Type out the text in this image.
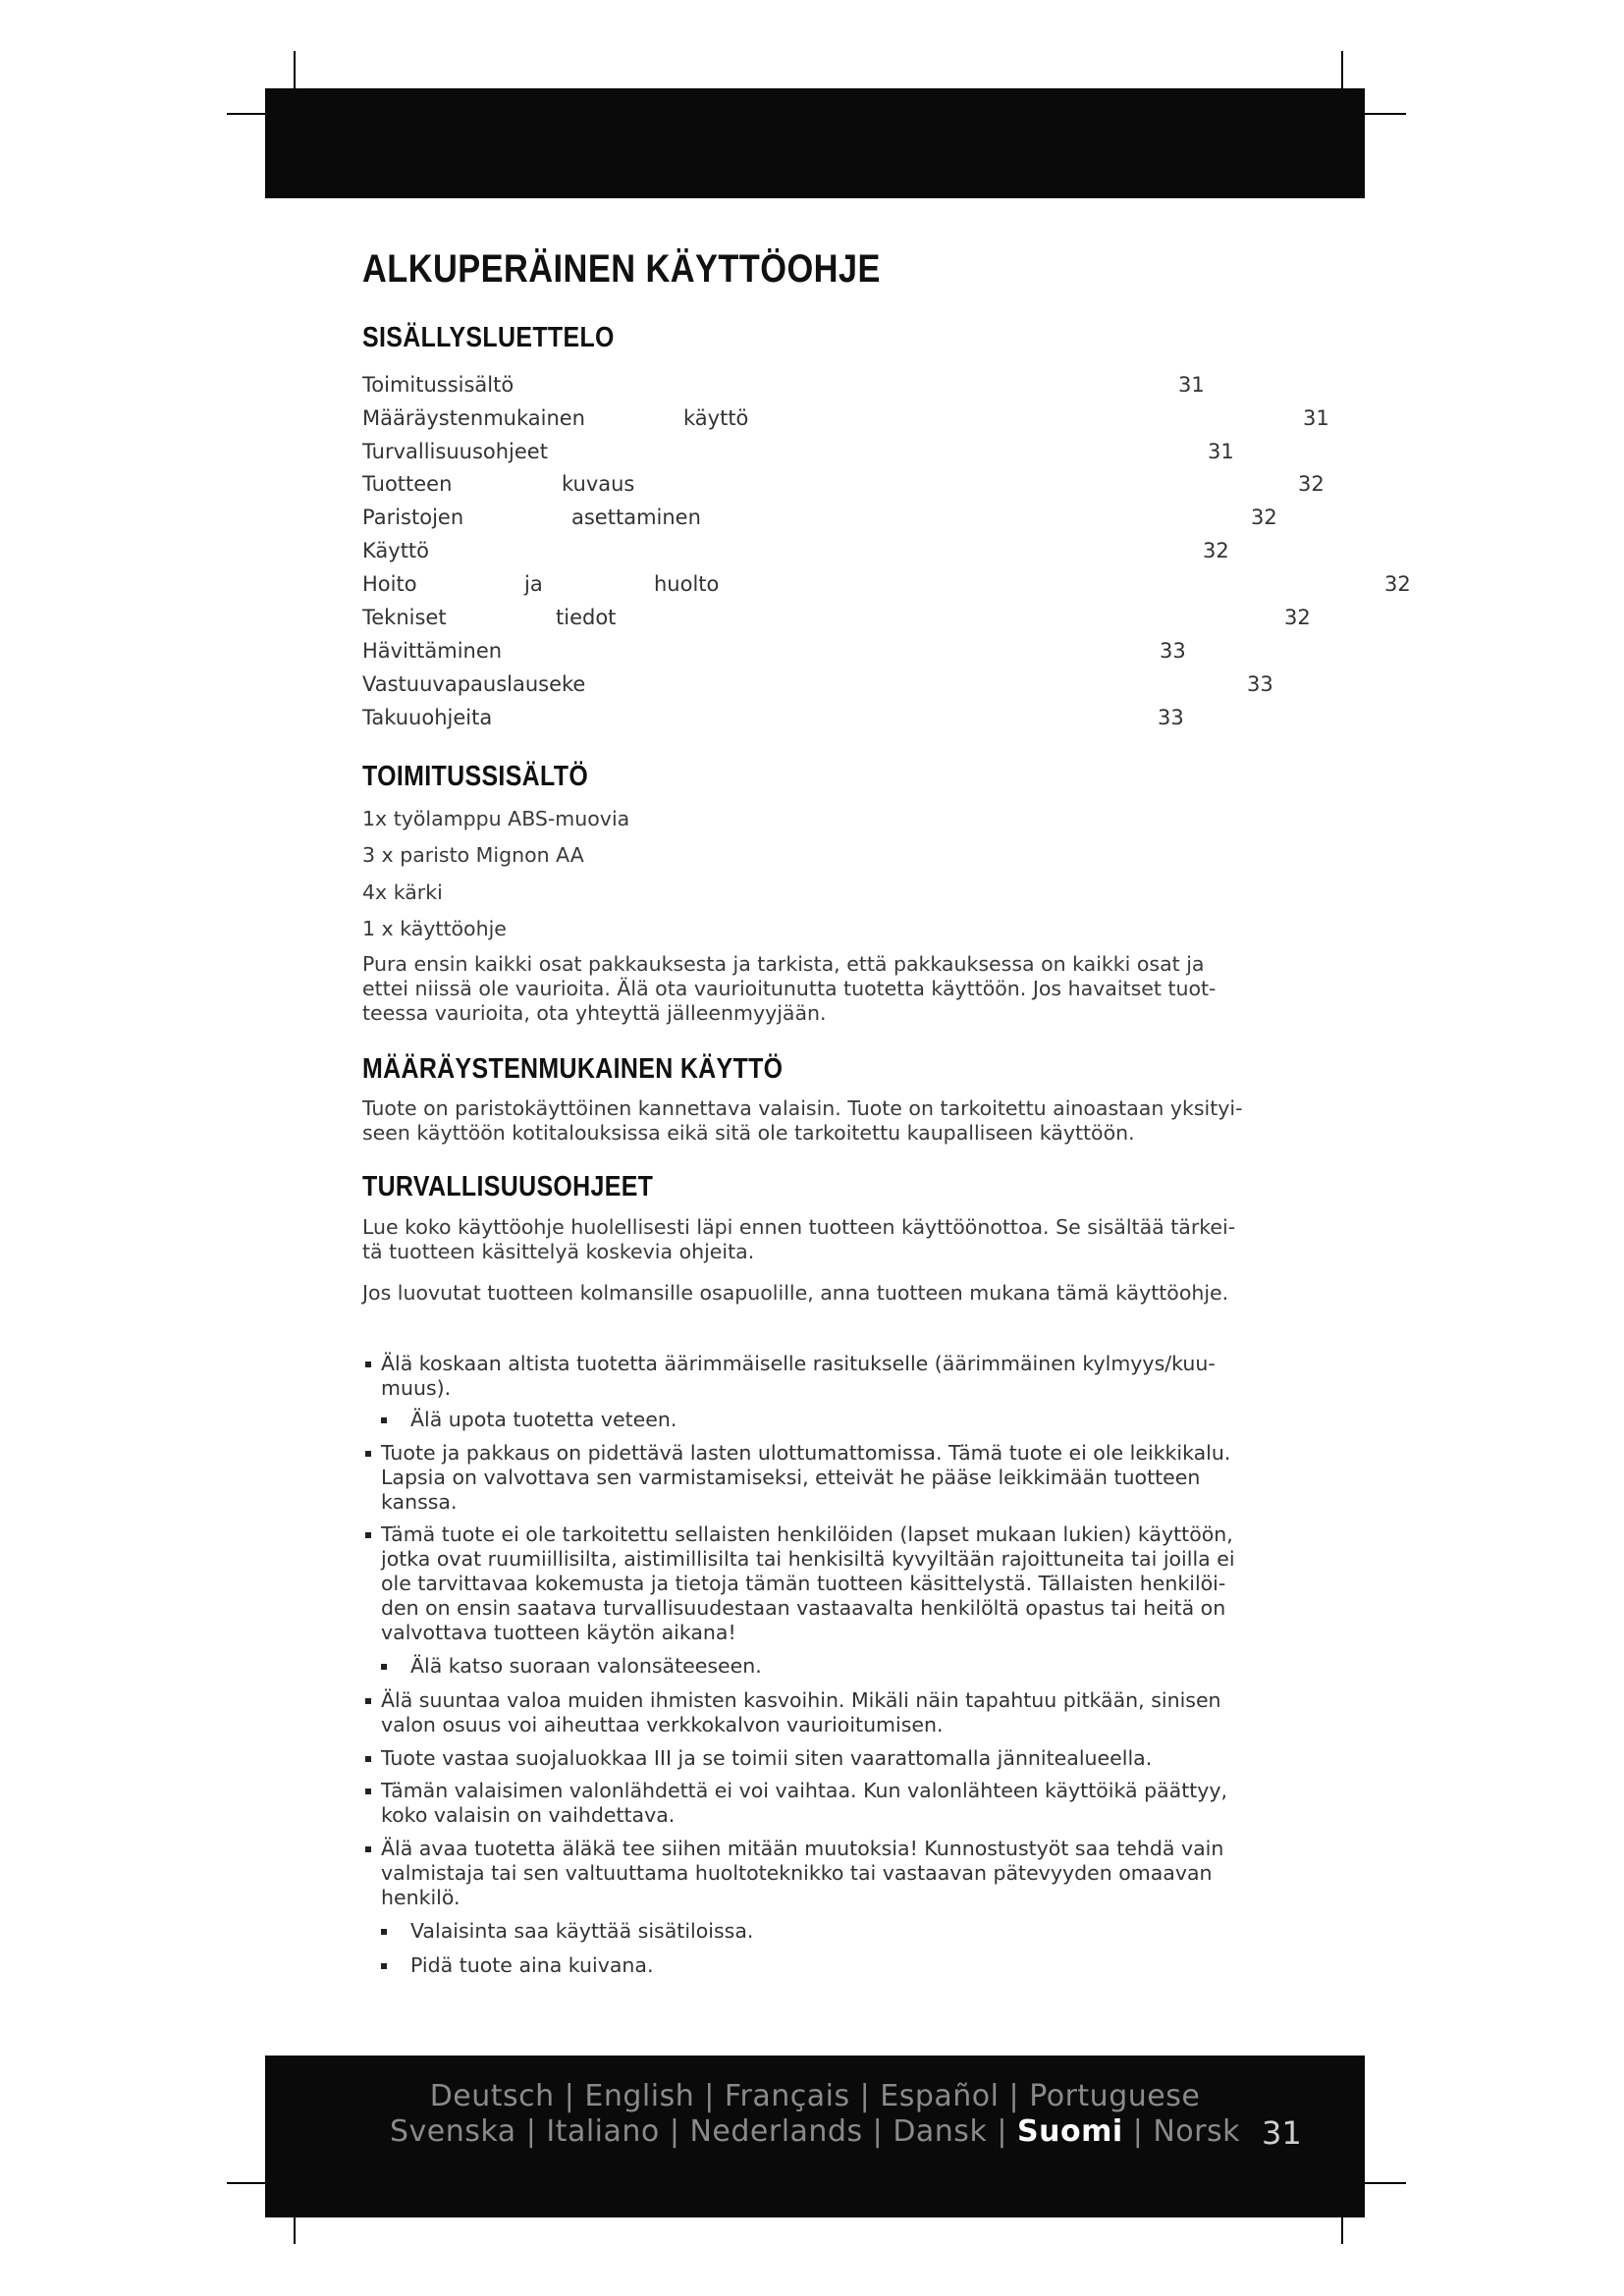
ALKUPERÄINEN KÄYTTÖOHJE
SISÄLLYSLUETTELO
Toimitussisältö	31
Määräystenmukainen	käyttö	31
Turvallisuusohjeet	31
Tuotteen	kuvaus	32
Paristojen	asettaminen	32
Käyttö	32
Hoito	ja	huolto	32
Tekniset	tiedot	32
Hävittäminen	33
Vastuuvapauslauseke	33
Takuuohjeita	33
TOIMITUSSISÄLTÖ
1x työlamppu ABS-muovia
3 x paristo Mignon AA
4x kärki
1 x käyttöohje
Pura ensin kaikki osat pakkauksesta ja tarkista, että pakkauksessa on kaikki osat ja
ettei niissä ole vaurioita. Älä ota vaurioitunutta tuotetta käyttöön. Jos havaitset tuot-
teessa vaurioita, ota yhteyttä jälleenmyyjään.
MÄÄRÄYSTENMUKAINEN KÄYTTÖ
Tuote on paristokäyttöinen kannettava valaisin. Tuote on tarkoitettu ainoastaan yksityi-
seen käyttöön kotitalouksissa eikä sitä ole tarkoitettu kaupalliseen käyttöön.
TURVALLISUUSOHJEET
Lue koko käyttöohje huolellisesti läpi ennen tuotteen käyttöönottoa. Se sisältää tärkei-
tä tuotteen käsittelyä koskevia ohjeita.
Jos luovutat tuotteen kolmansille osapuolille, anna tuotteen mukana tämä käyttöohje.
Älä koskaan altista tuotetta äärimmäiselle rasitukselle (äärimmäinen kylmyys/kuu-
muus).
Älä upota tuotetta veteen.
Tuote ja pakkaus on pidettävä lasten ulottumattomissa. Tämä tuote ei ole leikkikalu.
Lapsia on valvottava sen varmistamiseksi, etteivät he pääse leikkimään tuotteen
kanssa.
Tämä tuote ei ole tarkoitettu sellaisten henkilöiden (lapset mukaan lukien) käyttöön,
jotka ovat ruumiillisilta, aistimillisilta tai henkisiltä kyvyiltään rajoittuneita tai joilla ei
ole tarvittavaa kokemusta ja tietoja tämän tuotteen käsittelystä. Tällaisten henkilöi-
den on ensin saatava turvallisuudestaan vastaavalta henkilöltä opastus tai heitä on
valvottava tuotteen käytön aikana!
Älä katso suoraan valonsäteeseen.
Älä suuntaa valoa muiden ihmisten kasvoihin. Mikäli näin tapahtuu pitkään, sinisen
valon osuus voi aiheuttaa verkkokalvon vaurioitumisen.
Tuote vastaa suojaluokkaa III ja se toimii siten vaarattomalla jännitealueella.
Tämän valaisimen valonlähdettä ei voi vaihtaa. Kun valonlähteen käyttöikä päättyy,
koko valaisin on vaihdettava.
Älä avaa tuotetta äläkä tee siihen mitään muutoksia! Kunnostustyöt saa tehdä vain
valmistaja tai sen valtuuttama huoltoteknikko tai vastaavan pätevyyden omaavan
henkilö.
Valaisinta saa käyttää sisätiloissa.
Pidä tuote aina kuivana.
Deutsch | English | Français | Español | Portuguese
Svenska | Italiano | Nederlands | Dansk | Suomi | Norsk 31
